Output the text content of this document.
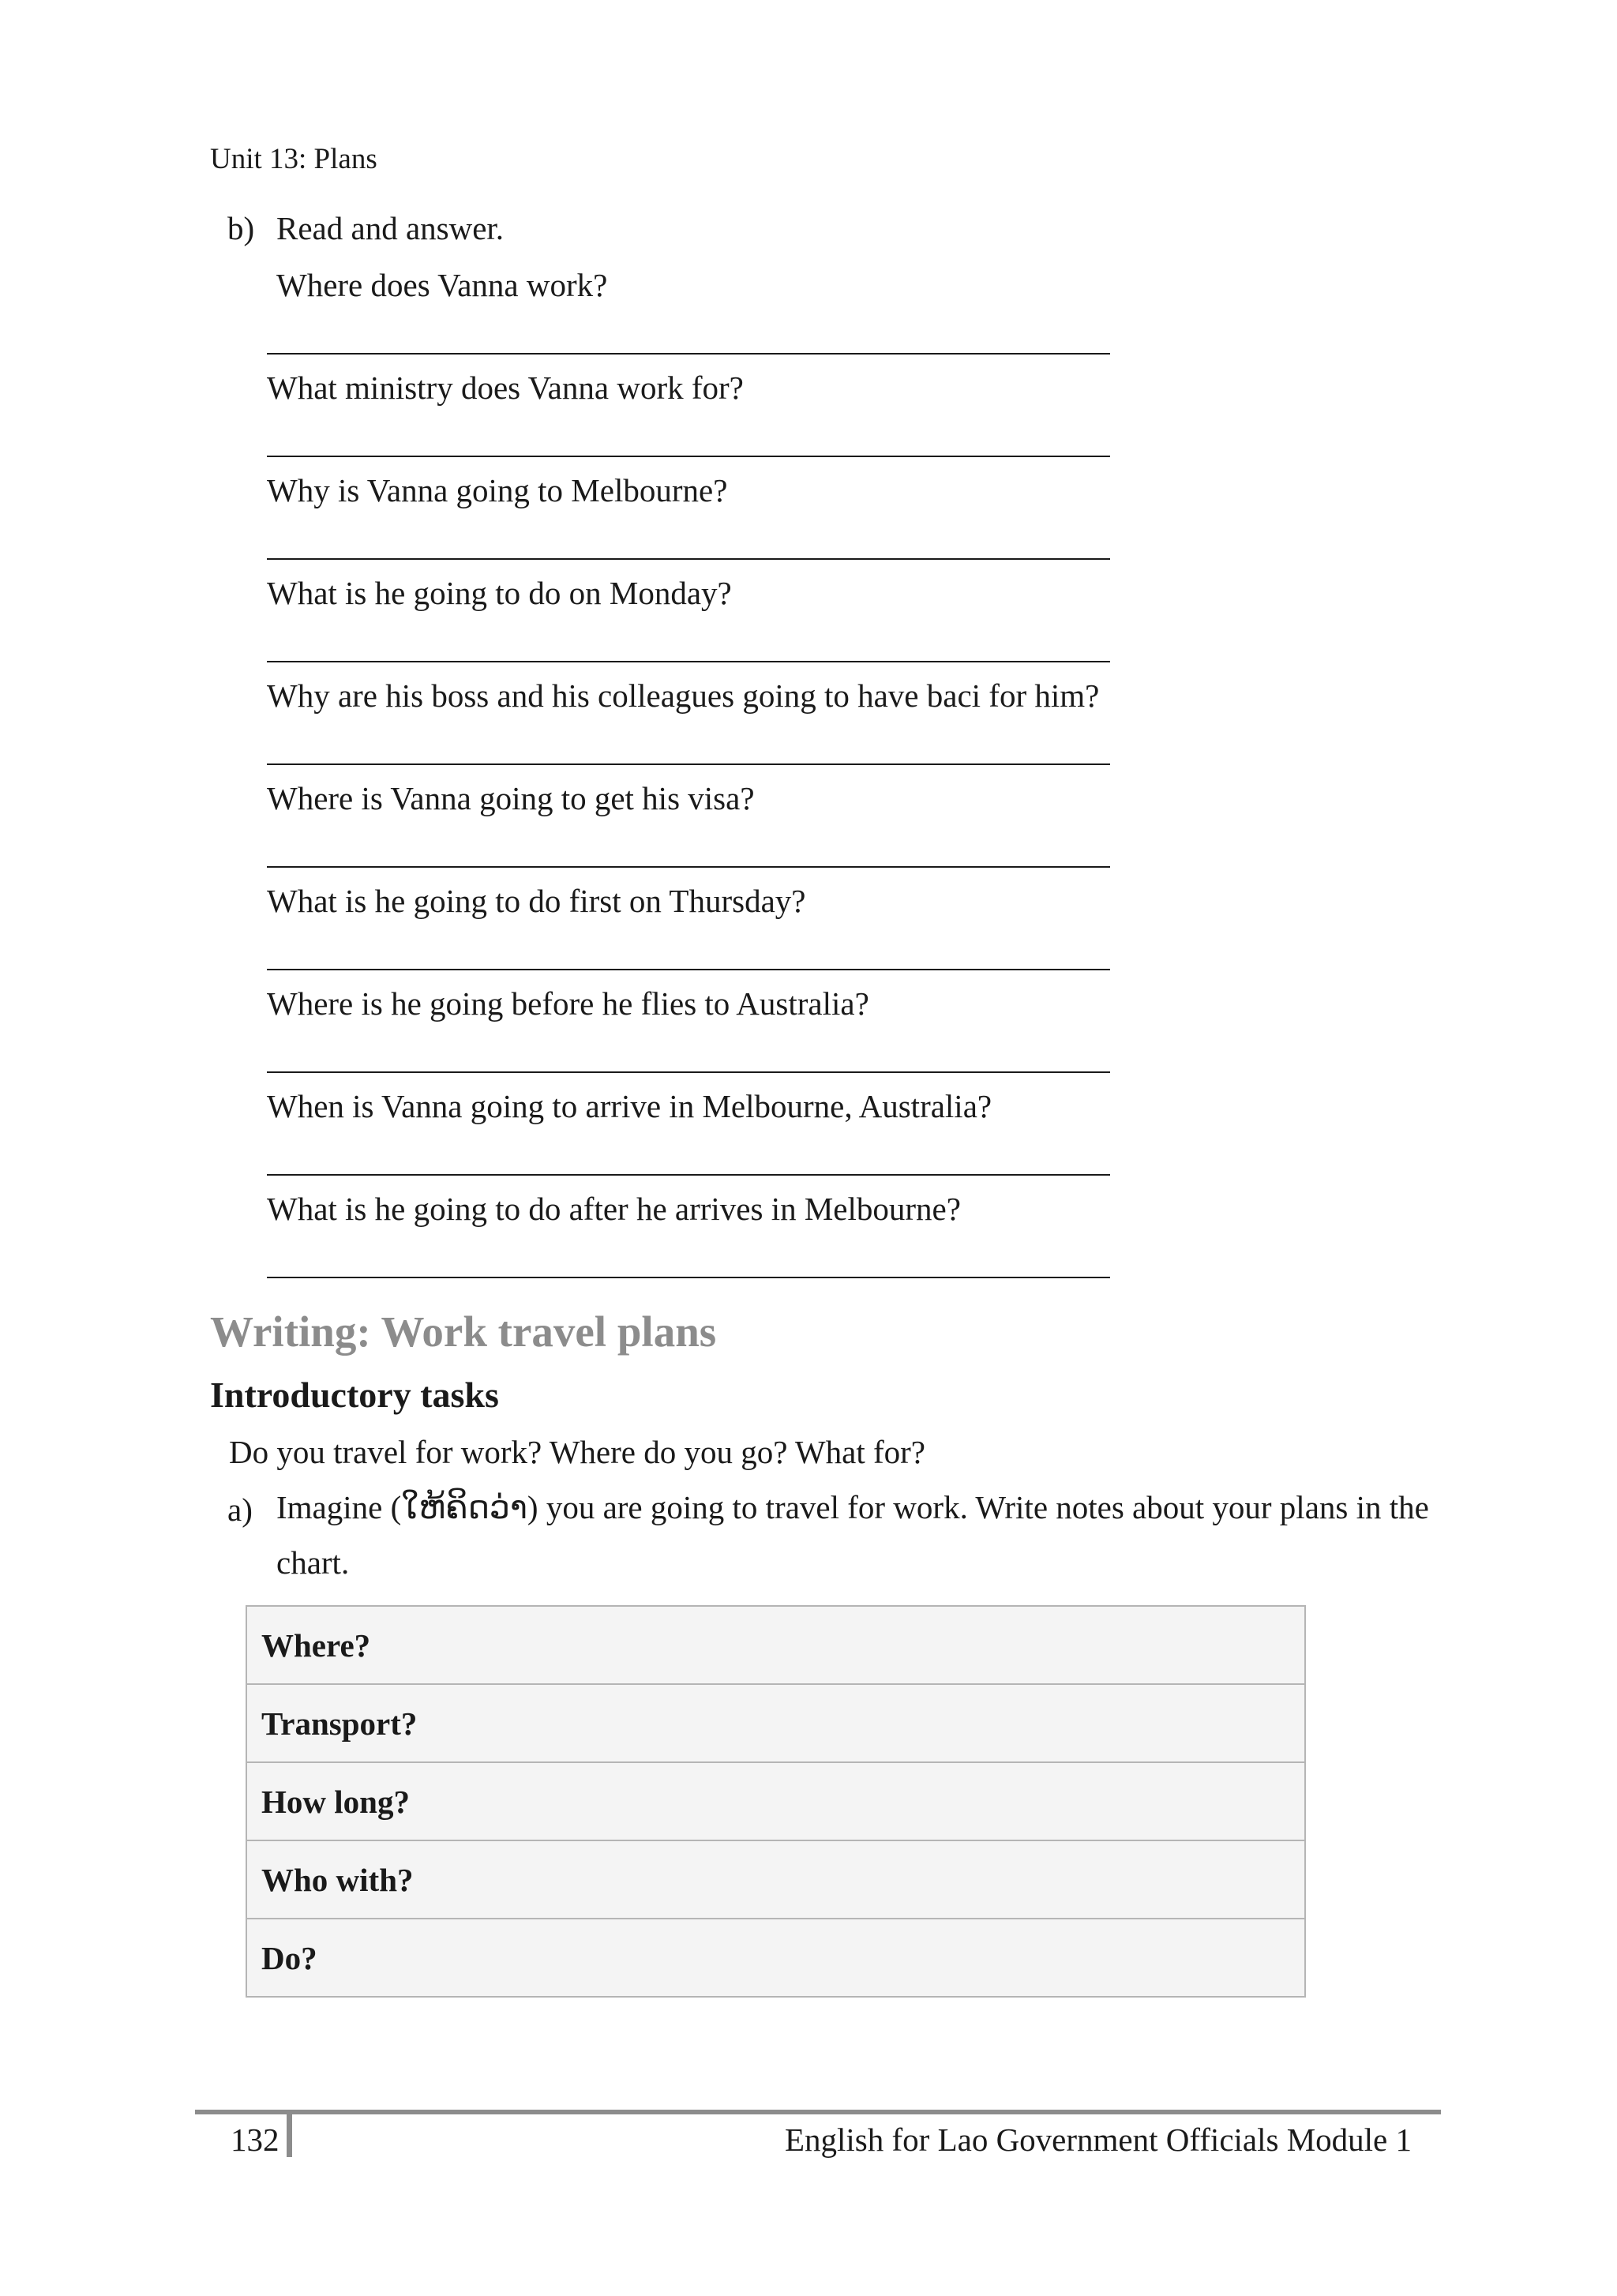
Unit 13: Plans
b) Read and answer.
Where does Vanna work?
What ministry does Vanna work for?
Why is Vanna going to Melbourne?
What is he going to do on Monday?
Why are his boss and his colleagues going to have baci for him?
Where is Vanna going to get his visa?
What is he going to do first on Thursday?
Where is he going before he flies to Australia?
When is Vanna going to arrive in Melbourne, Australia?
What is he going to do after he arrives in Melbourne?
Writing: Work travel plans
Introductory tasks
Do you travel for work? Where do you go? What for?
a) Imagine (ໃຫ້ຄິດວ່າ) you are going to travel for work. Write notes about your plans in the chart.
Where?
Transport?
How long?
Who with?
Do?
132	English for Lao Government Officials Module 1
